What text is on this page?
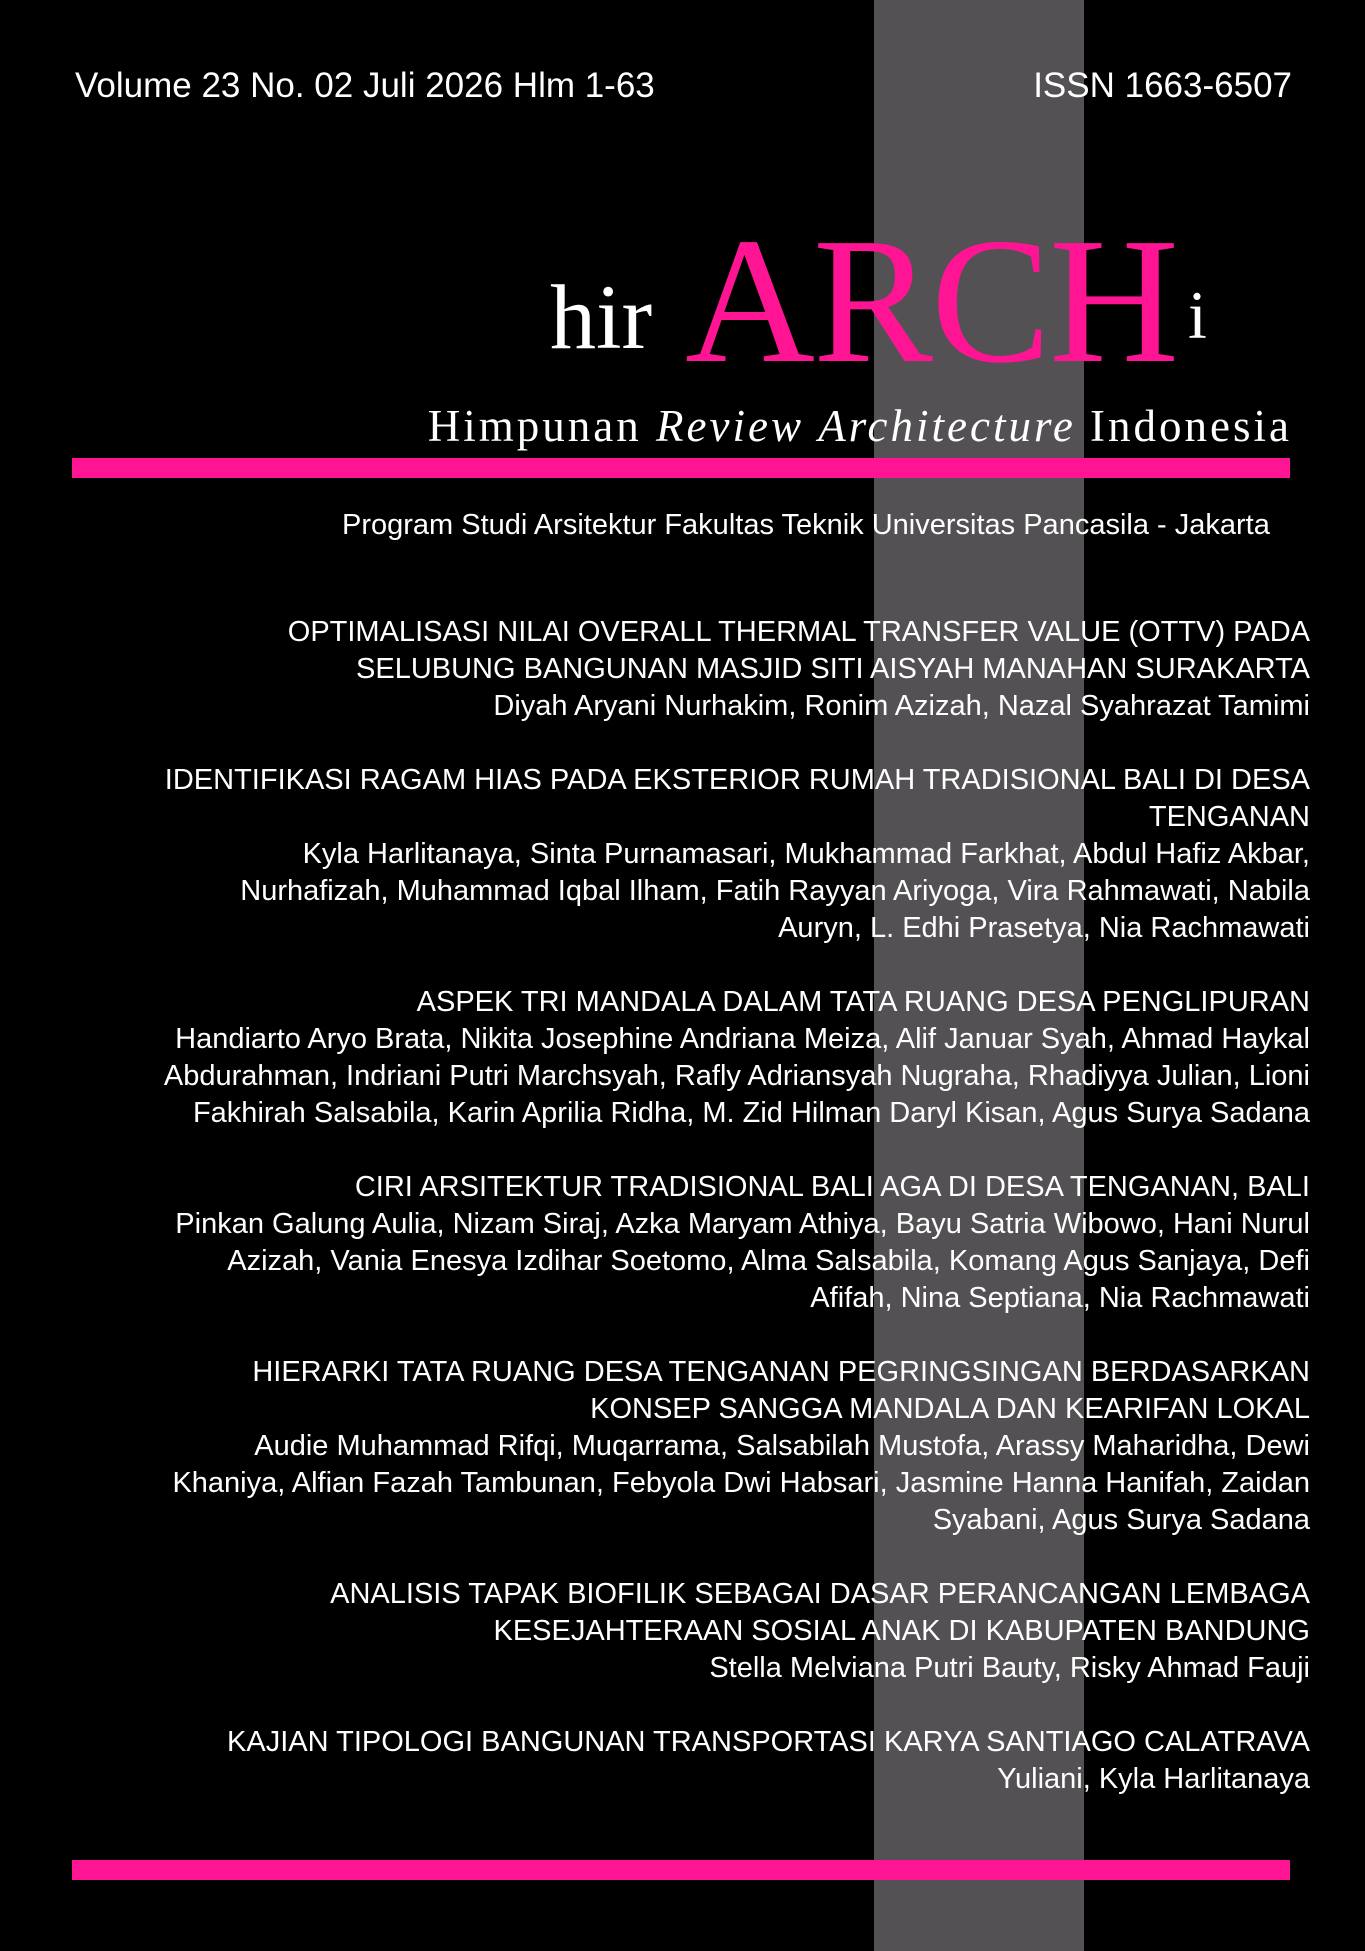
Volume 23 No. 02 Juli 2026 Hlm 1-63	ISSN 1663-6507
hir ARCH i
Himpunan Review Architecture Indonesia
Program Studi Arsitektur Fakultas Teknik Universitas Pancasila - Jakarta
OPTIMALISASI NILAI OVERALL THERMAL TRANSFER VALUE (OTTV) PADA
SELUBUNG BANGUNAN MASJID SITI AISYAH MANAHAN SURAKARTA
Diyah Aryani Nurhakim, Ronim Azizah, Nazal Syahrazat Tamimi
IDENTIFIKASI RAGAM HIAS PADA EKSTERIOR RUMAH TRADISIONAL BALI DI DESA
TENGANAN
Kyla Harlitanaya, Sinta Purnamasari, Mukhammad Farkhat, Abdul Hafiz Akbar,
Nurhafizah, Muhammad Iqbal Ilham, Fatih Rayyan Ariyoga, Vira Rahmawati, Nabila
Auryn, L. Edhi Prasetya, Nia Rachmawati
ASPEK TRI MANDALA DALAM TATA RUANG DESA PENGLIPURAN
Handiarto Aryo Brata, Nikita Josephine Andriana Meiza, Alif Januar Syah, Ahmad Haykal
Abdurahman, Indriani Putri Marchsyah, Rafly Adriansyah Nugraha, Rhadiyya Julian, Lioni
Fakhirah Salsabila, Karin Aprilia Ridha, M. Zid Hilman Daryl Kisan, Agus Surya Sadana
CIRI ARSITEKTUR TRADISIONAL BALI AGA DI DESA TENGANAN, BALI
Pinkan Galung Aulia, Nizam Siraj, Azka Maryam Athiya, Bayu Satria Wibowo, Hani Nurul
Azizah, Vania Enesya Izdihar Soetomo, Alma Salsabila, Komang Agus Sanjaya, Defi
Afifah, Nina Septiana, Nia Rachmawati
HIERARKI TATA RUANG DESA TENGANAN PEGRINGSINGAN BERDASARKAN
KONSEP SANGGA MANDALA DAN KEARIFAN LOKAL
Audie Muhammad Rifqi, Muqarrama, Salsabilah Mustofa, Arassy Maharidha, Dewi
Khaniya, Alfian Fazah Tambunan, Febyola Dwi Habsari, Jasmine Hanna Hanifah, Zaidan
Syabani, Agus Surya Sadana
ANALISIS TAPAK BIOFILIK SEBAGAI DASAR PERANCANGAN LEMBAGA
KESEJAHTERAAN SOSIAL ANAK DI KABUPATEN BANDUNG
Stella Melviana Putri Bauty, Risky Ahmad Fauji
KAJIAN TIPOLOGI BANGUNAN TRANSPORTASI KARYA SANTIAGO CALATRAVA
Yuliani, Kyla Harlitanaya
